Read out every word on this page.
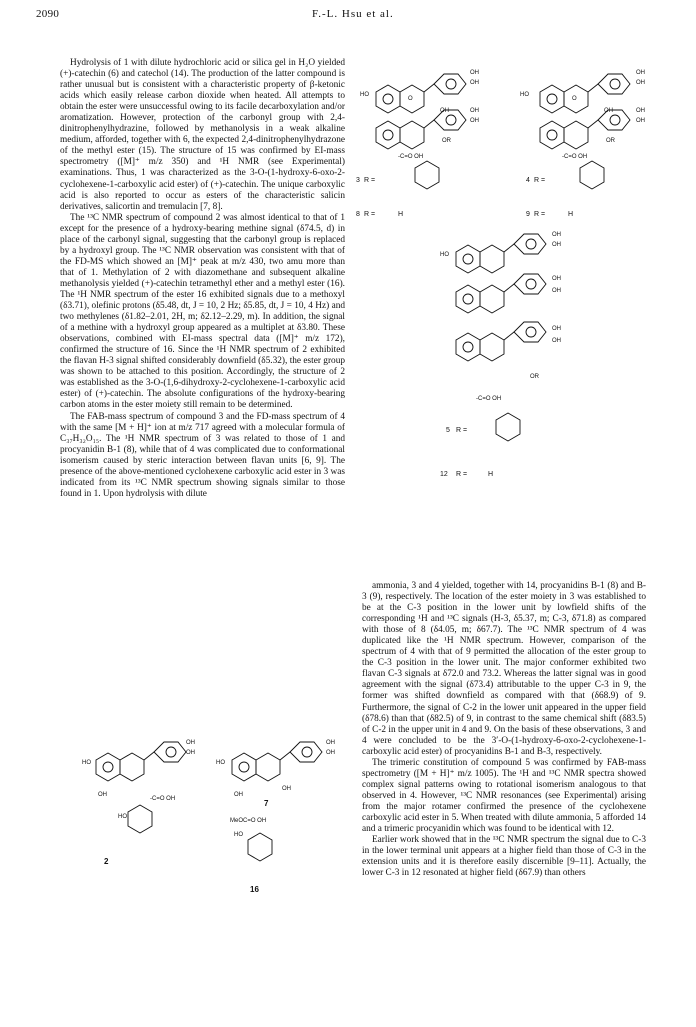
2090	F.-L. Hsu et al.

Hydrolysis of 1 with dilute hydrochloric acid or silica gel in H₂O yielded (+)-catechin (6) and catechol (14). The production of the latter compound is rather unusual but is consistent with a characteristic property of β-ketonic acids which easily release carbon dioxide when heated. All attempts to obtain the ester were unsuccessful owing to its facile decarboxylation and/or aromatization. However, protection of the carbonyl group with 2,4-dinitrophenylhydrazine, followed by methanolysis in a weak alkaline medium, afforded, together with 6, the expected 2,4-dinitrophenylhydrazone of the methyl ester (15). The structure of 15 was confirmed by EI-mass spectrometry ([M]⁺ m/z 350) and ¹H NMR (see Experimental) examinations. Thus, 1 was characterized as the 3-O-(1-hydroxy-6-oxo-2-cyclohexene-1-carboxylic acid ester) of (+)-catechin. The unique carboxylic acid is also reported to occur as esters of the characteristic salicin derivatives, salicortin and tremulacin [7, 8].

The ¹³C NMR spectrum of compound 2 was almost identical to that of 1 except for the presence of a hydroxy-bearing methine signal (δ74.5, d) in place of the carbonyl signal, suggesting that the carbonyl group is replaced by a hydroxyl group. The ¹³C NMR observation was consistent with that of the FD-MS which showed an [M]⁺ peak at m/z 430, two amu more than that of 1. Methylation of 2 with diazomethane and subsequent alkaline methanolysis yielded (+)-catechin tetramethyl ether and a methyl ester (16). The ¹H NMR spectrum of the ester 16 exhibited signals due to a methoxyl (δ3.71), olefinic protons (δ5.48, dt, J = 10, 2 Hz; δ5.85, dt, J = 10, 4 Hz) and two methylenes (δ1.82–2.01, 2H, m; δ2.12–2.29, m). In addition, the signal of a methine with a hydroxyl group appeared as a multiplet at δ3.80. These observations, combined with EI-mass spectral data ([M]⁺ m/z 172), confirmed the structure of 16. Since the ¹H NMR spectrum of 2 exhibited the flavan H-3 signal shifted considerably downfield (δ5.32), the ester group was shown to be attached to this position. Accordingly, the structure of 2 was established as the 3-O-(1,6-dihydroxy-2-cyclohexene-1-carboxylic acid ester) of (+)-catechin. The absolute configurations of the hydroxy-bearing carbon atoms in the ester moiety still remain to be determined.

The FAB-mass spectrum of compound 3 and the FD-mass spectrum of 4 with the same [M + H]⁺ ion at m/z 717 agreed with a molecular formula of C₃₇H₃₂O₁₅. The ¹H NMR spectrum of 3 was related to those of 1 and procyanidin B-1 (8), while that of 4 was complicated due to conformational isomerism caused by steric interaction between flavan units [6, 9]. The presence of the above-mentioned cyclohexene carboxylic acid ester in 3 was indicated from its ¹³C NMR spectrum showing signals similar to those found in 1. Upon hydrolysis with dilute

ammonia, 3 and 4 yielded, together with 14, procyanidins B-1 (8) and B-3 (9), respectively. The location of the ester moiety in 3 was established to be at the C-3 position in the lower unit by lowfield shifts of the corresponding ¹H and ¹³C signals (H-3, δ5.37, m; C-3, δ71.8) as compared with those of 8 (δ4.05, m; δ67.7). The ¹³C NMR spectrum of 4 was duplicated like the ¹H NMR spectrum. However, comparison of the spectrum of 4 with that of 9 permitted the allocation of the ester group to the C-3 position in the lower unit. The major conformer exhibited two flavan C-3 signals at δ72.0 and 73.2. Whereas the latter signal was in good agreement with the signal (δ73.4) attributable to the upper C-3 in 9, the former was shifted downfield as compared with that (δ68.9) of 9. Furthermore, the signal of C-2 in the lower unit appeared in the upper field (δ78.6) than that (δ82.5) of 9, in contrast to the same chemical shift (δ83.5) of C-2 in the upper unit in 4 and 9. On the basis of these observations, 3 and 4 were concluded to be the 3′-O-(1-hydroxy-6-oxo-2-cyclohexene-1-carboxylic acid ester) of procyanidins B-1 and B-3, respectively.

The trimeric constitution of compound 5 was confirmed by FAB-mass spectrometry ([M + H]⁺ m/z 1005). The ¹H and ¹³C NMR spectra showed complex signal patterns owing to rotational isomerism analogous to that observed in 4. However, ¹³C NMR resonances (see Experimental) arising from the major rotamer confirmed the presence of the cyclohexene carboxylic acid ester in 5. When treated with dilute ammonia, 5 afforded 14 and a trimeric procyanidin which was found to be identical with 12.

Earlier work showed that in the ¹³C NMR spectrum the signal due to C-3 in the lower terminal unit appears at a higher field than those of C-3 in the extension units and it is therefore easily discernible [9–11]. Actually, the lower C-3 in 12 resonated at higher field (δ67.9) than others

HO
OH
OH
O
OH	OH
OH
OR
-C=O OH
3 R =
8 R =	H
HO
OH
OH
O
OH	OH
OH
OR
-C=O OH
4 R =
9 R =	H
HO
OH
OH
OH
OH
OH
OH
OR
-C=O OH
5 R =
12 R =	H
HO
OH
OH
OH
-C=O OH
HO
2
HO
OH
OH
OH
OH
7
MeOC=O OH
HO
16
